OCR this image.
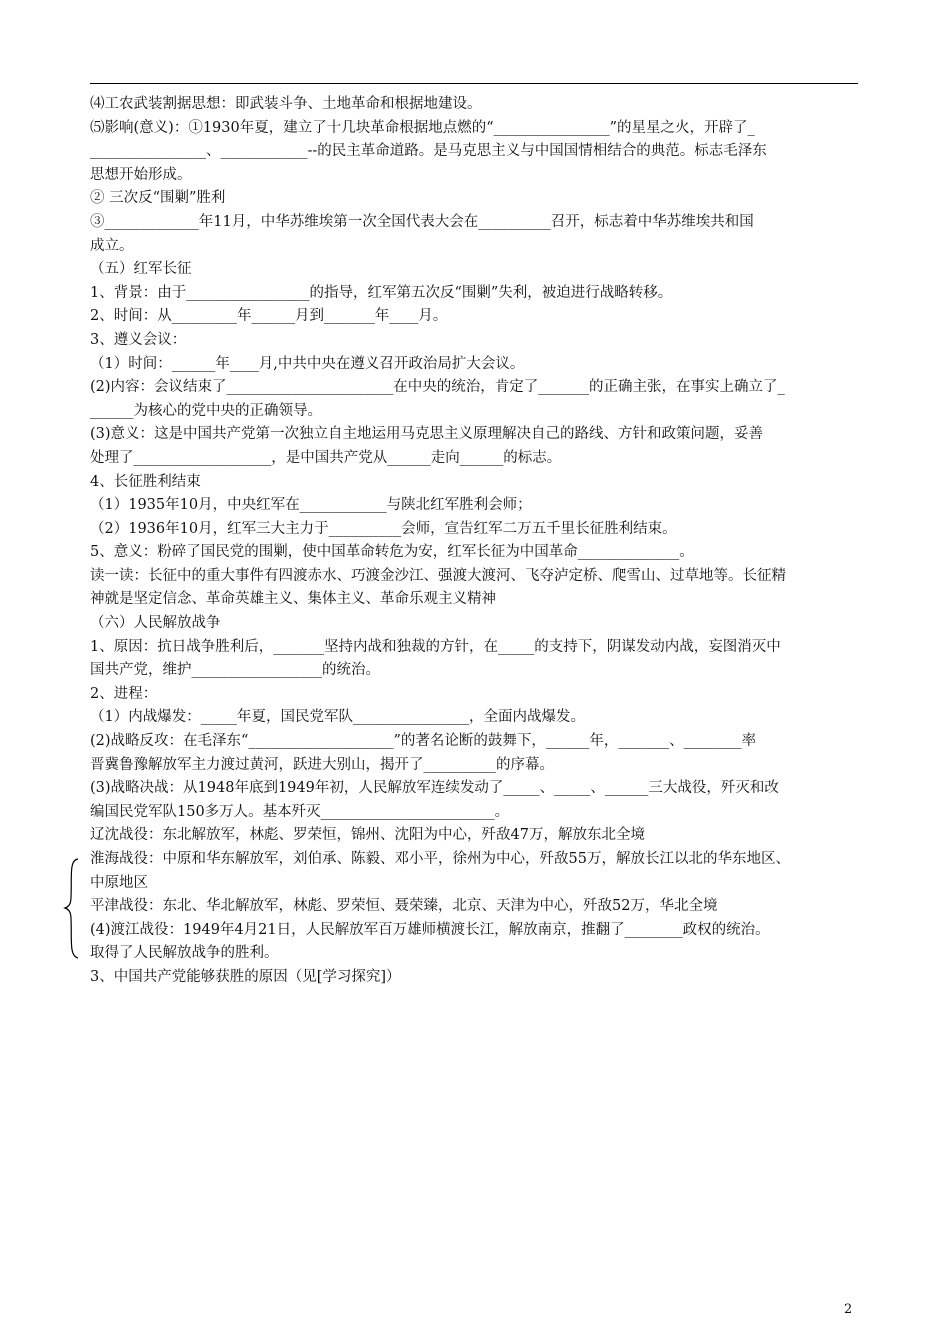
⑷工农武装割据思想：即武装斗争、土地革命和根据地建设。
⑸影响(意义)：①1930年夏，建立了十几块革命根据地点燃的“________________”的星星之火，开辟了_
________________、____________--的民主革命道路。是马克思主义与中国国情相结合的典范。标志毛泽东
思想开始形成。
② 三次反“围剿”胜利
③_____________年11月，中华苏维埃第一次全国代表大会在__________召开，标志着中华苏维埃共和国
成立。
（五）红军长征
1、背景：由于_________________的指导，红军第五次反“围剿”失利，被迫进行战略转移。
2、时间：从_________年______月到_______年____月。
3、遵义会议：
（1）时间：______年____月,中共中央在遵义召开政治局扩大会议。
(2)内容：会议结束了_______________________在中央的统治，肯定了_______的正确主张，在事实上确立了_
______为核心的党中央的正确领导。
(3)意义：这是中国共产党第一次独立自主地运用马克思主义原理解决自己的路线、方针和政策问题，妥善
处理了___________________，是中国共产党从______走向______的标志。
4、长征胜利结束
（1）1935年10月，中央红军在____________与陕北红军胜利会师；
（2）1936年10月，红军三大主力于__________会师，宣告红军二万五千里长征胜利结束。
5、意义：粉碎了国民党的围剿，使中国革命转危为安，红军长征为中国革命______________。
读一读：长征中的重大事件有四渡赤水、巧渡金沙江、强渡大渡河、飞夺泸定桥、爬雪山、过草地等。长征精
神就是坚定信念、革命英雄主义、集体主义、革命乐观主义精神
（六）人民解放战争
1、原因：抗日战争胜利后，_______坚持内战和独裁的方针，在_____的支持下，阴谋发动内战，妄图消灭中
国共产党，维护__________________的统治。
2、进程：
（1）内战爆发：_____年夏，国民党军队________________，全面内战爆发。
(2)战略反攻：在毛泽东“____________________”的著名论断的鼓舞下，______年，_______、________率
晋冀鲁豫解放军主力渡过黄河，跃进大别山，揭开了__________的序幕。
(3)战略决战：从1948年底到1949年初，人民解放军连续发动了_____、_____、______三大战役，歼灭和改
编国民党军队150多万人。基本歼灭________________________。
辽沈战役：东北解放军，林彪、罗荣恒，锦州、沈阳为中心，歼敌47万，解放东北全境
淮海战役：中原和华东解放军，刘伯承、陈毅、邓小平，徐州为中心，歼敌55万，解放长江以北的华东地区、
中原地区
平津战役：东北、华北解放军，林彪、罗荣恒、聂荣臻，北京、天津为中心，歼敌52万，华北全境
(4)渡江战役：1949年4月21日，人民解放军百万雄师横渡长江，解放南京，推翻了________政权的统治。
取得了人民解放战争的胜利。
3、中国共产党能够获胜的原因（见[学习探究]）
2
